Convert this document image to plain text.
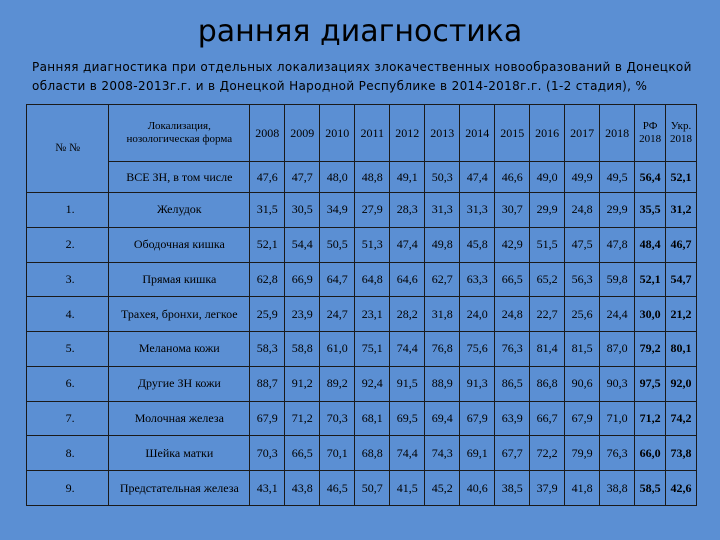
ранняя диагностика
Ранняя диагностика при отдельных локализациях злокачественных новообразований в Донецкой области в 2008-2013г.г. и в Донецкой Народной Республике в 2014-2018г.г. (1-2 стадия), %
№ №	Локализация, нозологическая форма	2008	2009	2010	2011	2012	2013	2014	2015	2016	2017	2018	РФ 2018	Укр. 2018
	ВСЕ ЗН, в том числе	47,6	47,7	48,0	48,8	49,1	50,3	47,4	46,6	49,0	49,9	49,5	56,4	52,1
1.	Желудок	31,5	30,5	34,9	27,9	28,3	31,3	31,3	30,7	29,9	24,8	29,9	35,5	31,2
2.	Ободочная кишка	52,1	54,4	50,5	51,3	47,4	49,8	45,8	42,9	51,5	47,5	47,8	48,4	46,7
3.	Прямая кишка	62,8	66,9	64,7	64,8	64,6	62,7	63,3	66,5	65,2	56,3	59,8	52,1	54,7
4.	Трахея, бронхи, легкое	25,9	23,9	24,7	23,1	28,2	31,8	24,0	24,8	22,7	25,6	24,4	30,0	21,2
5.	Меланома кожи	58,3	58,8	61,0	75,1	74,4	76,8	75,6	76,3	81,4	81,5	87,0	79,2	80,1
6.	Другие ЗН кожи	88,7	91,2	89,2	92,4	91,5	88,9	91,3	86,5	86,8	90,6	90,3	97,5	92,0
7.	Молочная железа	67,9	71,2	70,3	68,1	69,5	69,4	67,9	63,9	66,7	67,9	71,0	71,2	74,2
8.	Шейка матки	70,3	66,5	70,1	68,8	74,4	74,3	69,1	67,7	72,2	79,9	76,3	66,0	73,8
9.	Предстательная железа	43,1	43,8	46,5	50,7	41,5	45,2	40,6	38,5	37,9	41,8	38,8	58,5	42,6
